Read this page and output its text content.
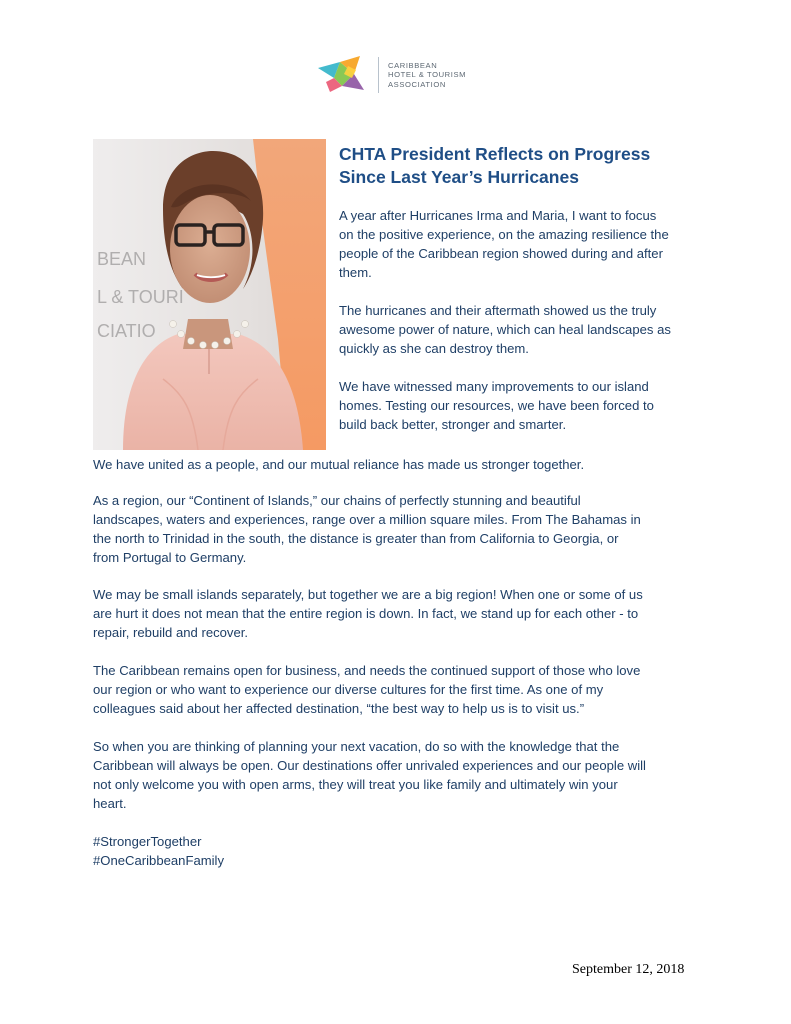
CARIBBEAN
HOTEL & TOURISM
ASSOCIATION
BEAN
L & TOURI
CIATIO
CHTA President Reflects on Progress
Since Last Year’s Hurricanes

A year after Hurricanes Irma and Maria, I want to focus
on the positive experience, on the amazing resilience the
people of the Caribbean region showed during and after
them.

The hurricanes and their aftermath showed us the truly
awesome power of nature, which can heal landscapes as
quickly as she can destroy them.

We have witnessed many improvements to our island
homes. Testing our resources, we have been forced to
build back better, stronger and smarter.

We have united as a people, and our mutual reliance has made us stronger together.

As a region, our “Continent of Islands,” our chains of perfectly stunning and beautiful
landscapes, waters and experiences, range over a million square miles. From The Bahamas in
the north to Trinidad in the south, the distance is greater than from California to Georgia, or
from Portugal to Germany.

We may be small islands separately, but together we are a big region! When one or some of us
are hurt it does not mean that the entire region is down. In fact, we stand up for each other - to
repair, rebuild and recover.

The Caribbean remains open for business, and needs the continued support of those who love
our region or who want to experience our diverse cultures for the first time. As one of my
colleagues said about her affected destination, “the best way to help us is to visit us.”

So when you are thinking of planning your next vacation, do so with the knowledge that the
Caribbean will always be open. Our destinations offer unrivaled experiences and our people will
not only welcome you with open arms, they will treat you like family and ultimately win your
heart.

#StrongerTogether
#OneCaribbeanFamily

September 12, 2018
